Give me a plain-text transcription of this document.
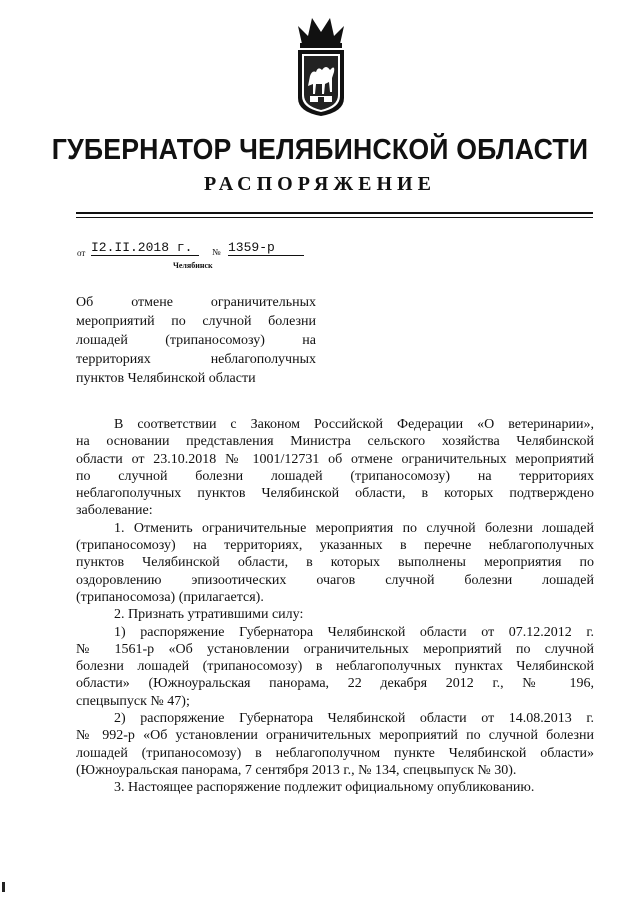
ГУБЕРНАТОР ЧЕЛЯБИНСКОЙ ОБЛАСТИ
РАСПОРЯЖЕНИЕ
от I2.II.2018 г.	№ 1359-р
Челябинск
Об отмене ограничительных
мероприятий по случной болезни
лошадей (трипаносомозу) на
территориях неблагополучных
пунктов Челябинской области

В соответствии с Законом Российской Федерации «О ветеринарии»,
на основании представления Министра сельского хозяйства Челябинской
области от 23.10.2018 № 1001/12731 об отмене ограничительных мероприятий
по случной болезни лошадей (трипаносомозу) на территориях
неблагополучных пунктов Челябинской области, в которых подтверждено
заболевание:

1. Отменить ограничительные мероприятия по случной болезни лошадей
(трипаносомозу) на территориях, указанных в перечне неблагополучных
пунктов Челябинской области, в которых выполнены мероприятия по
оздоровлению эпизоотических очагов случной болезни лошадей
(трипаносомоза) (прилагается).

2. Признать утратившими силу:

1) распоряжение Губернатора Челябинской области от 07.12.2012 г.
№ 1561-р «Об установлении ограничительных мероприятий по случной
болезни лошадей (трипаносомозу) в неблагополучных пунктах Челябинской
области» (Южноуральская панорама, 22 декабря 2012 г., № 196,
спецвыпуск № 47);

2) распоряжение Губернатора Челябинской области от 14.08.2013 г.
№ 992-р «Об установлении ограничительных мероприятий по случной болезни
лошадей (трипаносомозу) в неблагополучном пункте Челябинской области»
(Южноуральская панорама, 7 сентября 2013 г., № 134, спецвыпуск № 30).

3. Настоящее распоряжение подлежит официальному опубликованию.
